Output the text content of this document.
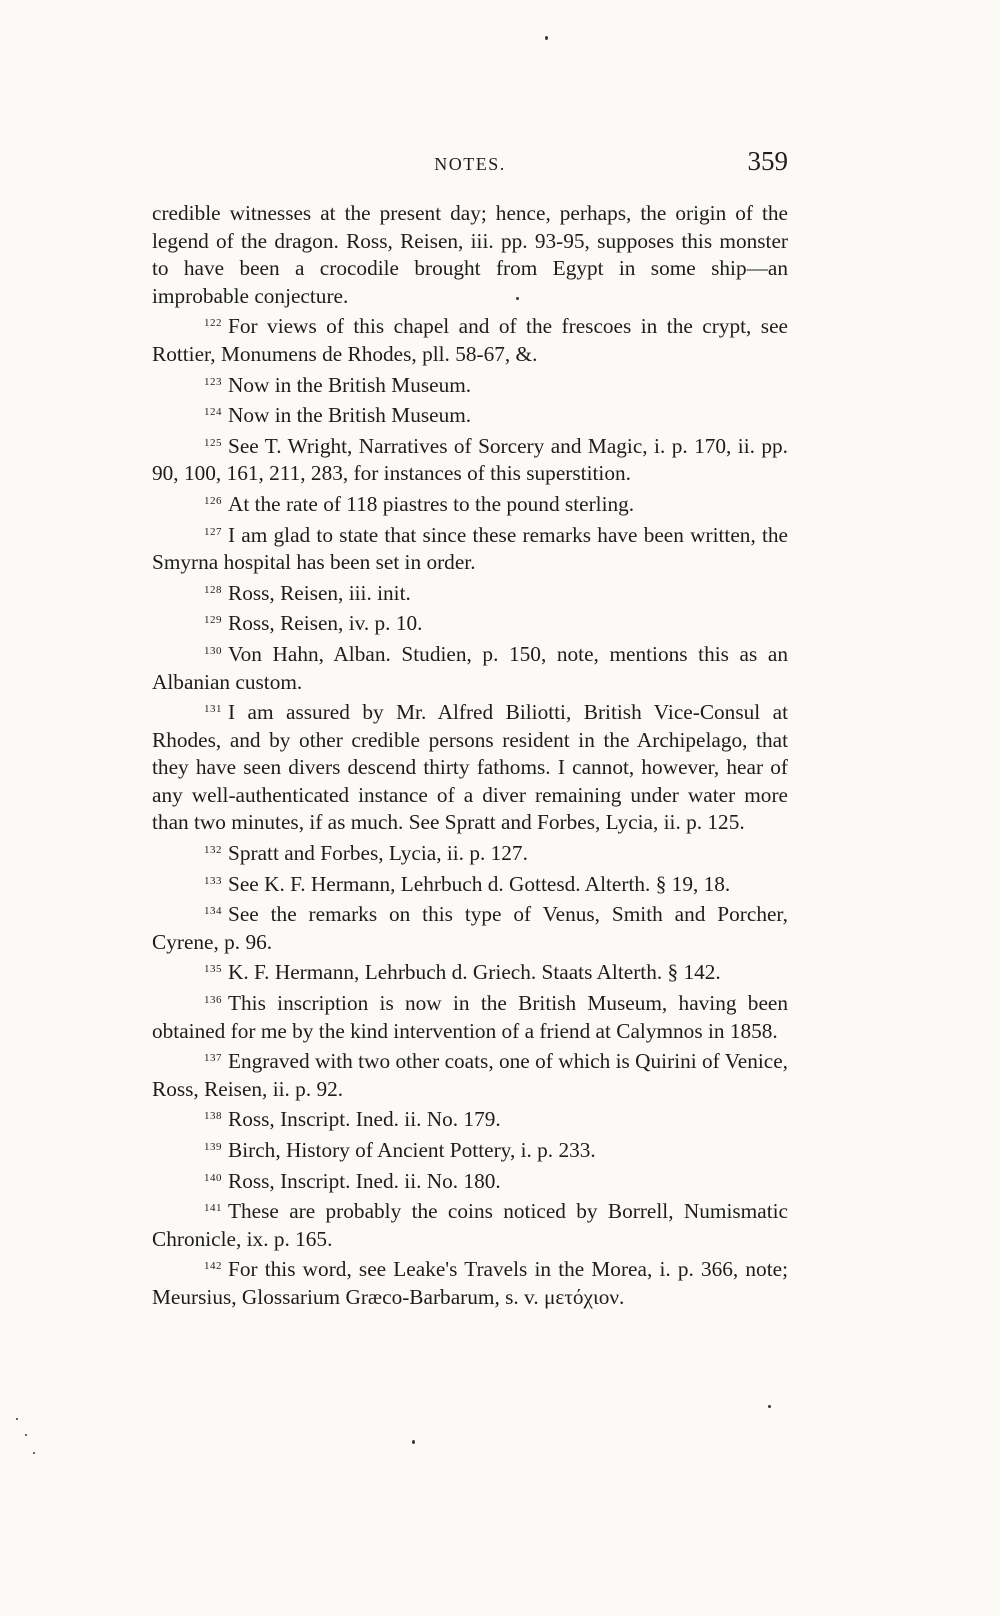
NOTES.	359

credible witnesses at the present day; hence, perhaps, the origin of the legend of the dragon. Ross, Reisen, iii. pp. 93-95, supposes this monster to have been a crocodile brought from Egypt in some ship—an improbable conjecture.

122 For views of this chapel and of the frescoes in the crypt, see Rottier, Monumens de Rhodes, pll. 58-67, &.

123 Now in the British Museum.

124 Now in the British Museum.

125 See T. Wright, Narratives of Sorcery and Magic, i. p. 170, ii. pp. 90, 100, 161, 211, 283, for instances of this superstition.

126 At the rate of 118 piastres to the pound sterling.

127 I am glad to state that since these remarks have been written, the Smyrna hospital has been set in order.

128 Ross, Reisen, iii. init.

129 Ross, Reisen, iv. p. 10.

130 Von Hahn, Alban. Studien, p. 150, note, mentions this as an Albanian custom.

131 I am assured by Mr. Alfred Biliotti, British Vice-Consul at Rhodes, and by other credible persons resident in the Archipelago, that they have seen divers descend thirty fathoms. I cannot, however, hear of any well-authenticated instance of a diver remaining under water more than two minutes, if as much. See Spratt and Forbes, Lycia, ii. p. 125.

132 Spratt and Forbes, Lycia, ii. p. 127.

133 See K. F. Hermann, Lehrbuch d. Gottesd. Alterth. § 19, 18.

134 See the remarks on this type of Venus, Smith and Porcher, Cyrene, p. 96.

135 K. F. Hermann, Lehrbuch d. Griech. Staats Alterth. § 142.

136 This inscription is now in the British Museum, having been obtained for me by the kind intervention of a friend at Calymnos in 1858.

137 Engraved with two other coats, one of which is Quirini of Venice, Ross, Reisen, ii. p. 92.

138 Ross, Inscript. Ined. ii. No. 179.

139 Birch, History of Ancient Pottery, i. p. 233.

140 Ross, Inscript. Ined. ii. No. 180.

141 These are probably the coins noticed by Borrell, Numismatic Chronicle, ix. p. 165.

142 For this word, see Leake's Travels in the Morea, i. p. 366, note; Meursius, Glossarium Græco-Barbarum, s. v. μετόχιον.
